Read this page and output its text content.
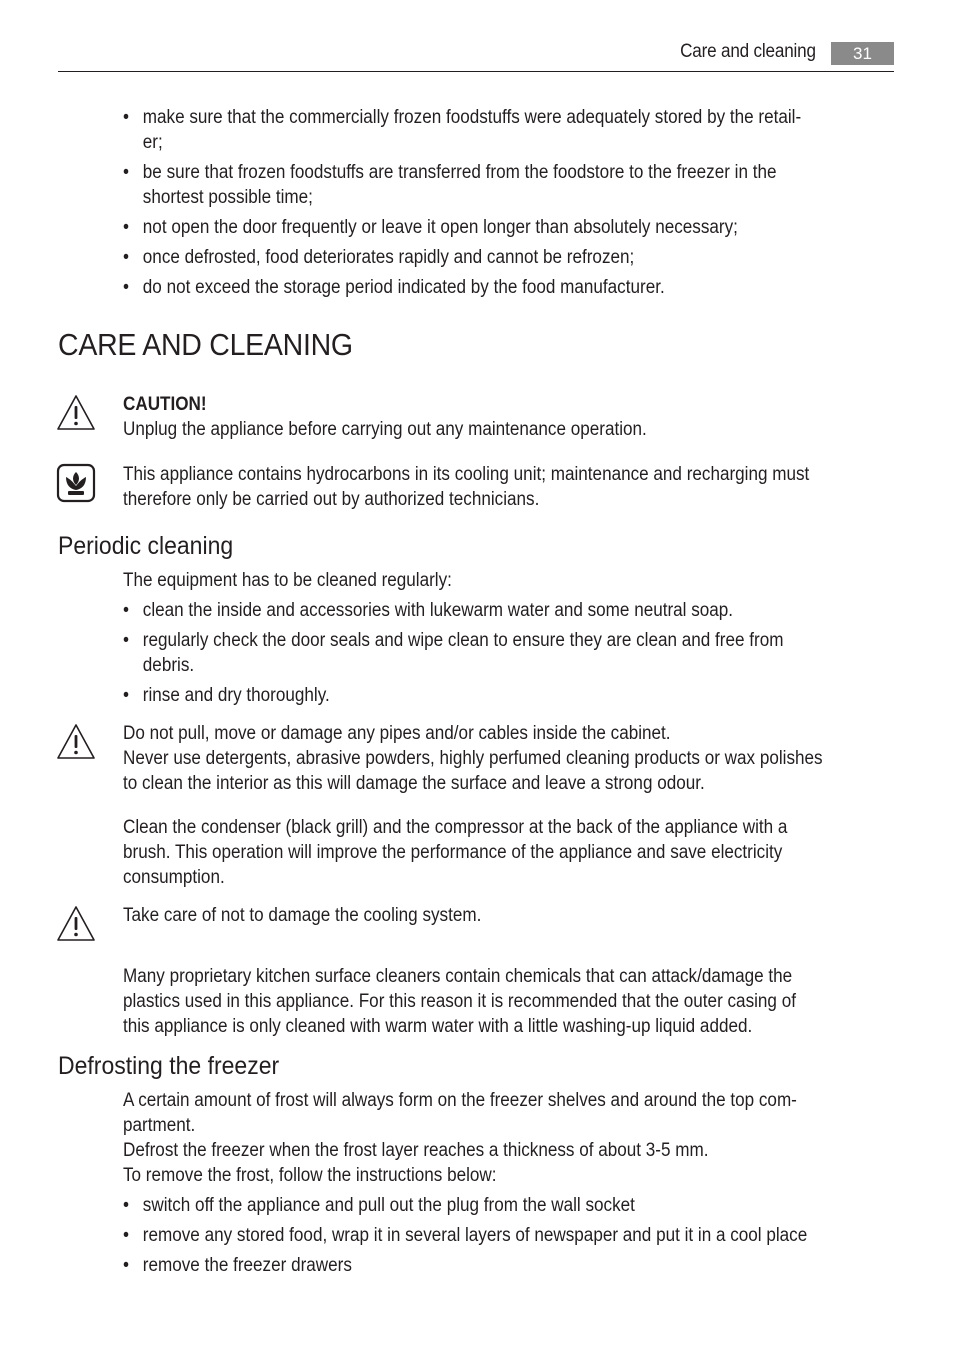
Care and cleaning	31
• make sure that the commercially frozen foodstuffs were adequately stored by the retail-
er;
• be sure that frozen foodstuffs are transferred from the foodstore to the freezer in the
shortest possible time;
• not open the door frequently or leave it open longer than absolutely necessary;
• once defrosted, food deteriorates rapidly and cannot be refrozen;
• do not exceed the storage period indicated by the food manufacturer.
CARE AND CLEANING
CAUTION!
Unplug the appliance before carrying out any maintenance operation.
This appliance contains hydrocarbons in its cooling unit; maintenance and recharging must
therefore only be carried out by authorized technicians.
Periodic cleaning
The equipment has to be cleaned regularly:
• clean the inside and accessories with lukewarm water and some neutral soap.
• regularly check the door seals and wipe clean to ensure they are clean and free from
debris.
• rinse and dry thoroughly.
Do not pull, move or damage any pipes and/or cables inside the cabinet.
Never use detergents, abrasive powders, highly perfumed cleaning products or wax polishes
to clean the interior as this will damage the surface and leave a strong odour.
Clean the condenser (black grill) and the compressor at the back of the appliance with a
brush. This operation will improve the performance of the appliance and save electricity
consumption.
Take care of not to damage the cooling system.
Many proprietary kitchen surface cleaners contain chemicals that can attack/damage the
plastics used in this appliance. For this reason it is recommended that the outer casing of
this appliance is only cleaned with warm water with a little washing-up liquid added.
Defrosting the freezer
A certain amount of frost will always form on the freezer shelves and around the top com-
partment.
Defrost the freezer when the frost layer reaches a thickness of about 3-5 mm.
To remove the frost, follow the instructions below:
• switch off the appliance and pull out the plug from the wall socket
• remove any stored food, wrap it in several layers of newspaper and put it in a cool place
• remove the freezer drawers
